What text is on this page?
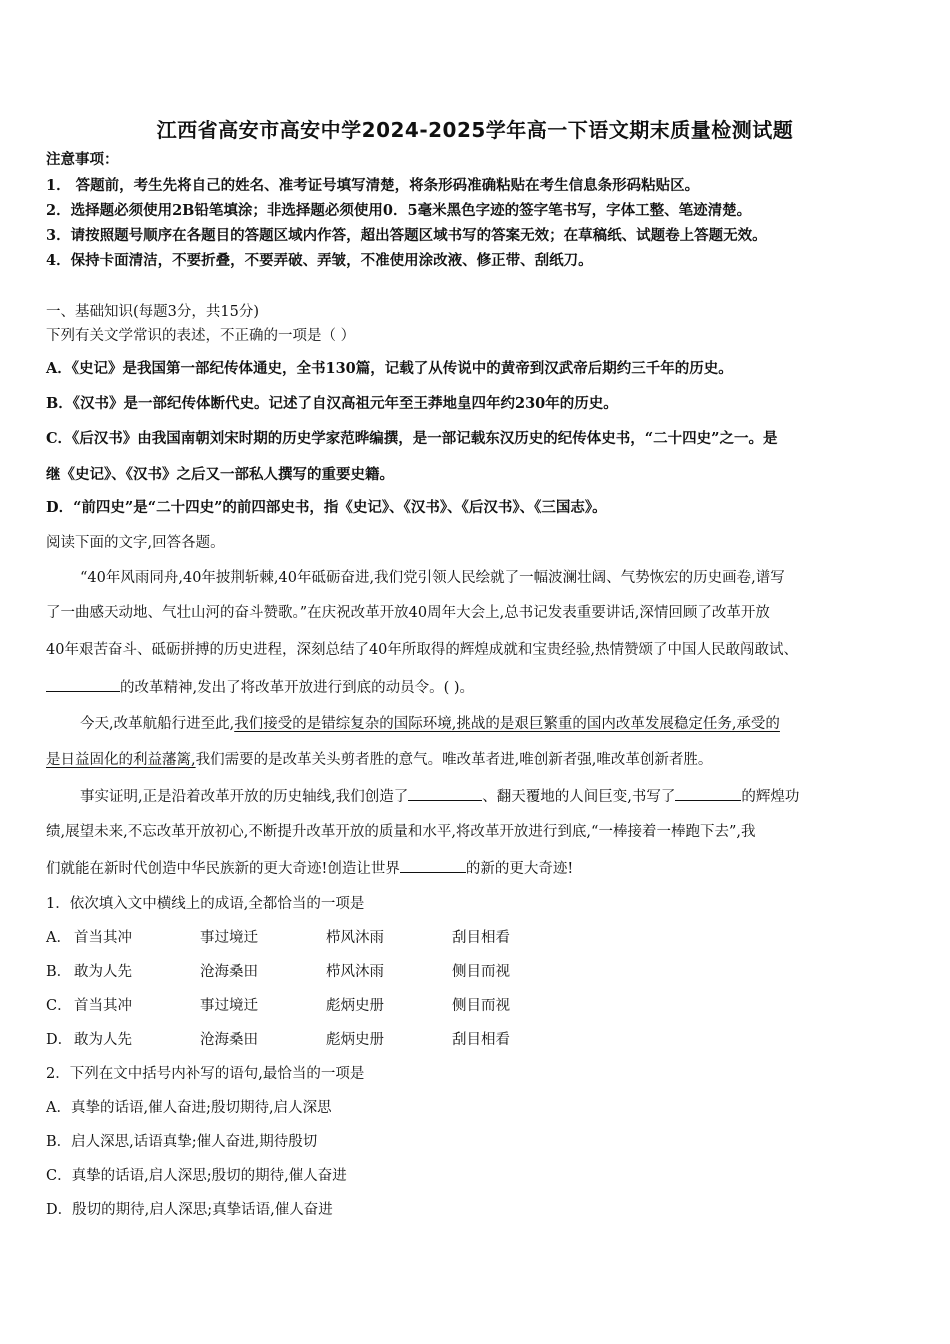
江西省高安市高安中学2024-2025学年高一下语文期末质量检测试题
注意事项：
1． 答题前，考生先将自己的姓名、准考证号填写清楚，将条形码准确粘贴在考生信息条形码粘贴区。
2．选择题必须使用2B铅笔填涂；非选择题必须使用0．5毫米黑色字迹的签字笔书写，字体工整、笔迹清楚。
3．请按照题号顺序在各题目的答题区域内作答，超出答题区域书写的答案无效；在草稿纸、试题卷上答题无效。
4．保持卡面清洁，不要折叠，不要弄破、弄皱，不准使用涂改液、修正带、刮纸刀。
一、基础知识(每题3分，共15分)
下列有关文学常识的表述，不正确的一项是（ ）
A．《史记》是我国第一部纪传体通史，全书130篇，记载了从传说中的黄帝到汉武帝后期约三千年的历史。
B．《汉书》是一部纪传体断代史。记述了自汉高祖元年至王莽地皇四年约230年的历史。
C．《后汉书》由我国南朝刘宋时期的历史学家范晔编撰，是一部记载东汉历史的纪传体史书，“二十四史”之一。是
继《史记》、《汉书》之后又一部私人撰写的重要史籍。
D．“前四史”是“二十四史”的前四部史书，指《史记》、《汉书》、《后汉书》、《三国志》。
阅读下面的文字,回答各题。
“40年风雨同舟,40年披荆斩棘,40年砥砺奋进,我们党引领人民绘就了一幅波澜壮阔、气势恢宏的历史画卷,谱写
了一曲感天动地、气壮山河的奋斗赞歌。”在庆祝改革开放40周年大会上,总书记发表重要讲话,深情回顾了改革开放
40年艰苦奋斗、砥砺拼搏的历史进程，深刻总结了40年所取得的辉煌成就和宝贵经验,热情赞颂了中国人民敢闯敢试、
的改革精神,发出了将改革开放进行到底的动员令。( )。
今天,改革航船行进至此,我们接受的是错综复杂的国际环境,挑战的是艰巨繁重的国内改革发展稳定任务,承受的
是日益固化的利益藩篱,我们需要的是改革关头剪者胜的意气。唯改革者进,唯创新者强,唯改革创新者胜。
事实证明,正是沿着改革开放的历史轴线,我们创造了	、翻天覆地的人间巨变,书写了	的辉煌功
绩,展望未来,不忘改革开放初心,不断提升改革开放的质量和水平,将改革开放进行到底,“一棒接着一棒跑下去”,我
们就能在新时代创造中华民族新的更大奇迹!创造让世界	的新的更大奇迹!
1．依次填入文中横线上的成语,全都恰当的一项是
A． 首当其冲	事过境迁	栉风沐雨	刮目相看
B． 敢为人先	沧海桑田	栉风沐雨	侧目而视
C． 首当其冲	事过境迁	彪炳史册	侧目而视
D． 敢为人先	沧海桑田	彪炳史册	刮目相看
2．下列在文中括号内补写的语句,最恰当的一项是
A．真挚的话语,催人奋进;殷切期待,启人深思
B．启人深思,话语真挚;催人奋进,期待殷切
C．真挚的话语,启人深思;殷切的期待,催人奋进
D．殷切的期待,启人深思;真挚话语,催人奋进
